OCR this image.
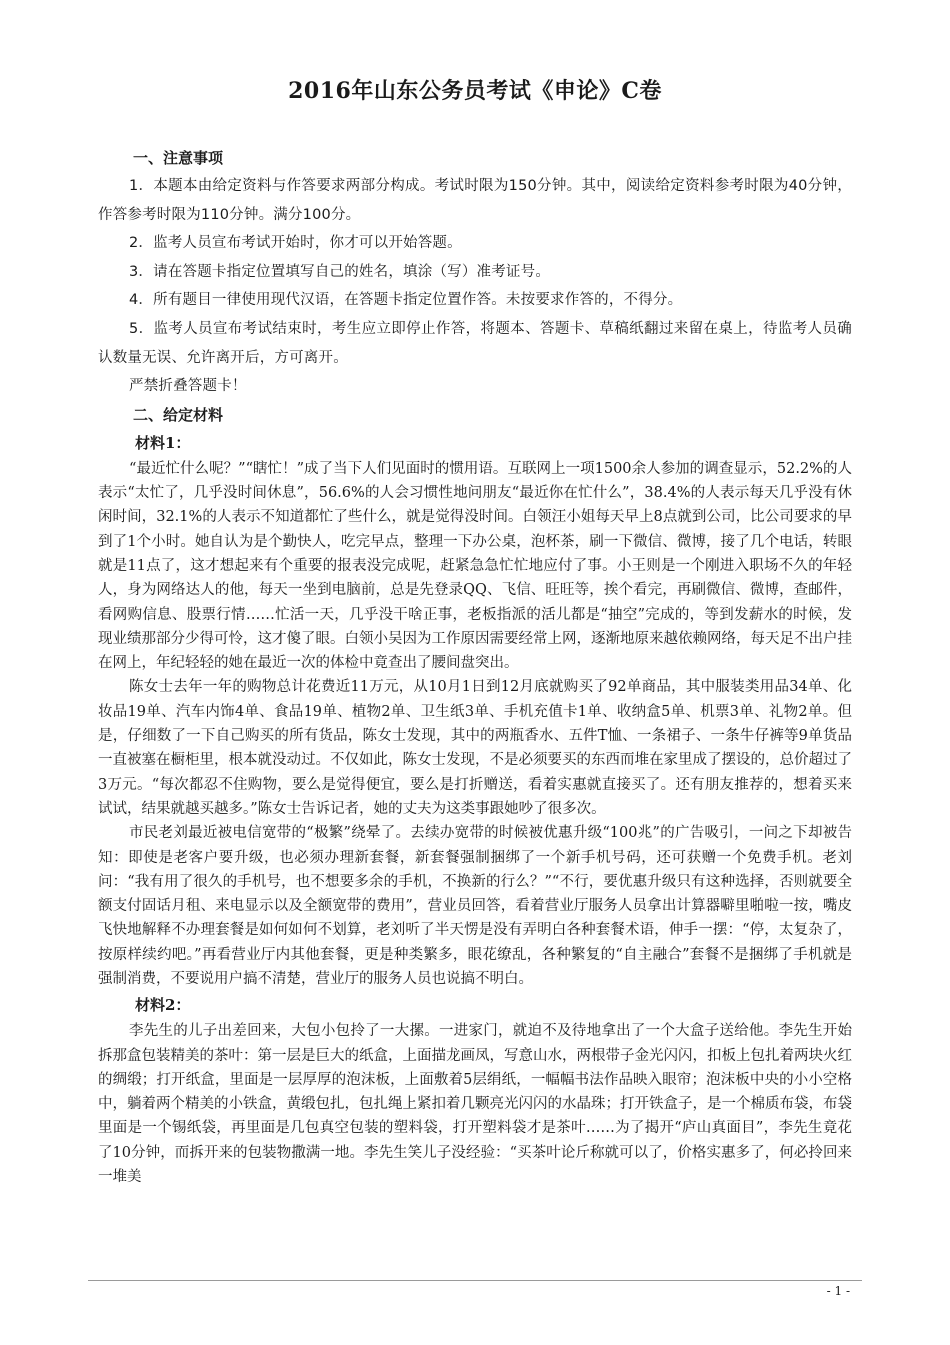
2016年山东公务员考试《申论》C卷
一、注意事项
1．本题本由给定资料与作答要求两部分构成。考试时限为150分钟。其中，阅读给定资料参考时限为40分钟，作答参考时限为110分钟。满分100分。
2．监考人员宣布考试开始时，你才可以开始答题。
3．请在答题卡指定位置填写自己的姓名，填涂（写）准考证号。
4．所有题目一律使用现代汉语，在答题卡指定位置作答。未按要求作答的，不得分。
5．监考人员宣布考试结束时，考生应立即停止作答，将题本、答题卡、草稿纸翻过来留在桌上，待监考人员确认数量无误、允许离开后，方可离开。
严禁折叠答题卡！
二、给定材料
材料1：

“最近忙什么呢？”“瞎忙！”成了当下人们见面时的惯用语。互联网上一项1500余人参加的调查显示，52.2%的人表示“太忙了，几乎没时间休息”，56.6%的人会习惯性地问朋友“最近你在忙什么”，38.4%的人表示每天几乎没有休闲时间，32.1%的人表示不知道都忙了些什么，就是觉得没时间。白领汪小姐每天早上8点就到公司，比公司要求的早到了1个小时。她自认为是个勤快人，吃完早点，整理一下办公桌，泡杯茶，刷一下微信、微博，接了几个电话，转眼就是11点了，这才想起来有个重要的报表没完成呢，赶紧急急忙忙地应付了事。小王则是一个刚进入职场不久的年轻人，身为网络达人的他，每天一坐到电脑前，总是先登录QQ、飞信、旺旺等，挨个看完，再刷微信、微博，查邮件，看网购信息、股票行情……忙活一天，几乎没干啥正事，老板指派的活儿都是“抽空”完成的，等到发薪水的时候，发现业绩那部分少得可怜，这才傻了眼。白领小吴因为工作原因需要经常上网，逐渐地原来越依赖网络，每天足不出户挂在网上，年纪轻轻的她在最近一次的体检中竟查出了腰间盘突出。

陈女士去年一年的购物总计花费近11万元，从10月1日到12月底就购买了92单商品，其中服装类用品34单、化妆品19单、汽车内饰4单、食品19单、植物2单、卫生纸3单、手机充值卡1单、收纳盒5单、机票3单、礼物2单。但是，仔细数了一下自己购买的所有货品，陈女士发现，其中的两瓶香水、五件T恤、一条裙子、一条牛仔裤等9单货品一直被塞在橱柜里，根本就没动过。不仅如此，陈女士发现，不是必须要买的东西而堆在家里成了摆设的，总价超过了3万元。“每次都忍不住购物，要么是觉得便宜，要么是打折赠送，看着实惠就直接买了。还有朋友推荐的，想着买来试试，结果就越买越多。”陈女士告诉记者，她的丈夫为这类事跟她吵了很多次。

市民老刘最近被电信宽带的“极繁”绕晕了。去续办宽带的时候被优惠升级“100兆”的广告吸引，一问之下却被告知：即使是老客户要升级，也必须办理新套餐，新套餐强制捆绑了一个新手机号码，还可获赠一个免费手机。老刘问：“我有用了很久的手机号，也不想要多余的手机，不换新的行么？”“不行，要优惠升级只有这种选择，否则就要全额支付固话月租、来电显示以及全额宽带的费用”，营业员回答，看着营业厅服务人员拿出计算器噼里啪啦一按，嘴皮飞快地解释不办理套餐是如何如何不划算，老刘听了半天愣是没有弄明白各种套餐术语，伸手一摆：“停，太复杂了，按原样续约吧。”再看营业厅内其他套餐，更是种类繁多，眼花缭乱，各种繁复的“自主融合”套餐不是捆绑了手机就是强制消费，不要说用户搞不清楚，营业厅的服务人员也说搞不明白。

材料2：

李先生的儿子出差回来，大包小包拎了一大摞。一进家门，就迫不及待地拿出了一个大盒子送给他。李先生开始拆那盒包装精美的茶叶：第一层是巨大的纸盒，上面描龙画凤，写意山水，两根带子金光闪闪，扣板上包扎着两块火红的绸缎；打开纸盒，里面是一层厚厚的泡沫板，上面敷着5层绢纸，一幅幅书法作品映入眼帘；泡沫板中央的小小空格中，躺着两个精美的小铁盒，黄缎包扎，包扎绳上紧扣着几颗亮光闪闪的水晶珠；打开铁盒子，是一个棉质布袋，布袋里面是一个锡纸袋，再里面是几包真空包装的塑料袋，打开塑料袋才是茶叶……为了揭开“庐山真面目”，李先生竟花了10分钟，而拆开来的包装物撒满一地。李先生笑儿子没经验：“买茶叶论斤称就可以了，价格实惠多了，何必拎回来一堆美

- 1 -
